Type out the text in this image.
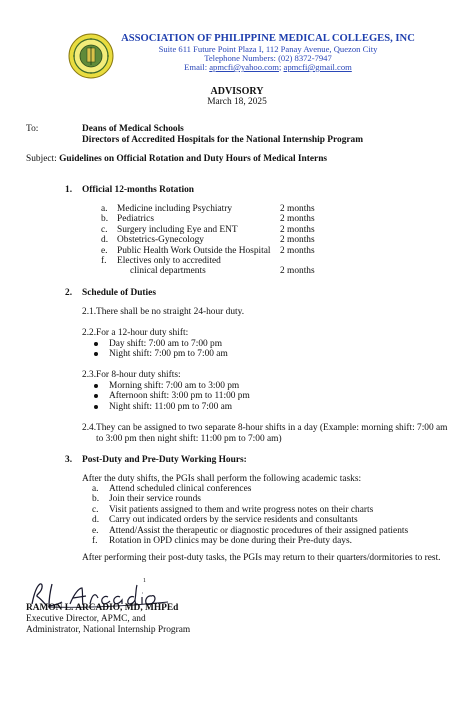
ASSOCIATION OF PHILIPPINE MEDICAL COLLEGES, INC
Suite 611 Future Point Plaza I, 112 Panay Avenue, Quezon City
Telephone Numbers: (02) 8372-7947
Email: apmcfi@yahoo.com; apmcfi@gmail.com
ADVISORY
March 18, 2025
To:	Deans of Medical Schools
Directors of Accredited Hospitals for the National Internship Program
Subject: Guidelines on Official Rotation and Duty Hours of Medical Interns
1. Official 12-months Rotation
a. Medicine including Psychiatry	2 months
b. Pediatrics	2 months
c. Surgery including Eye and ENT	2 months
d. Obstetrics-Gynecology	2 months
e. Public Health Work Outside the Hospital 2 months
f. Electives only to accredited
clinical departments	2 months
2. Schedule of Duties
2.1.There shall be no straight 24-hour duty.
2.2.For a 12-hour duty shift:
Day shift: 7:00 am to 7:00 pm
Night shift: 7:00 pm to 7:00 am
2.3.For 8-hour duty shifts:
Morning shift: 7:00 am to 3:00 pm
Afternoon shift: 3:00 pm to 11:00 pm
Night shift: 11:00 pm to 7:00 am
2.4.They can be assigned to two separate 8-hour shifts in a day (Example: morning shift: 7:00 am
to 3:00 pm then night shift: 11:00 pm to 7:00 am)
3. Post-Duty and Pre-Duty Working Hours:
After the duty shifts, the PGIs shall perform the following academic tasks:
a. Attend scheduled clinical conferences
b. Join their service rounds
c. Visit patients assigned to them and write progress notes on their charts
d. Carry out indicated orders by the service residents and consultants
e. Attend/Assist the therapeutic or diagnostic procedures of their assigned patients
f. Rotation in OPD clinics may be done during their Pre-duty days.
After performing their post-duty tasks, the PGIs may return to their quarters/dormitories to rest.
1
RAMON L. ARCADIO, MD, MHPEd
Executive Director, APMC, and
Administrator, National Internship Program
